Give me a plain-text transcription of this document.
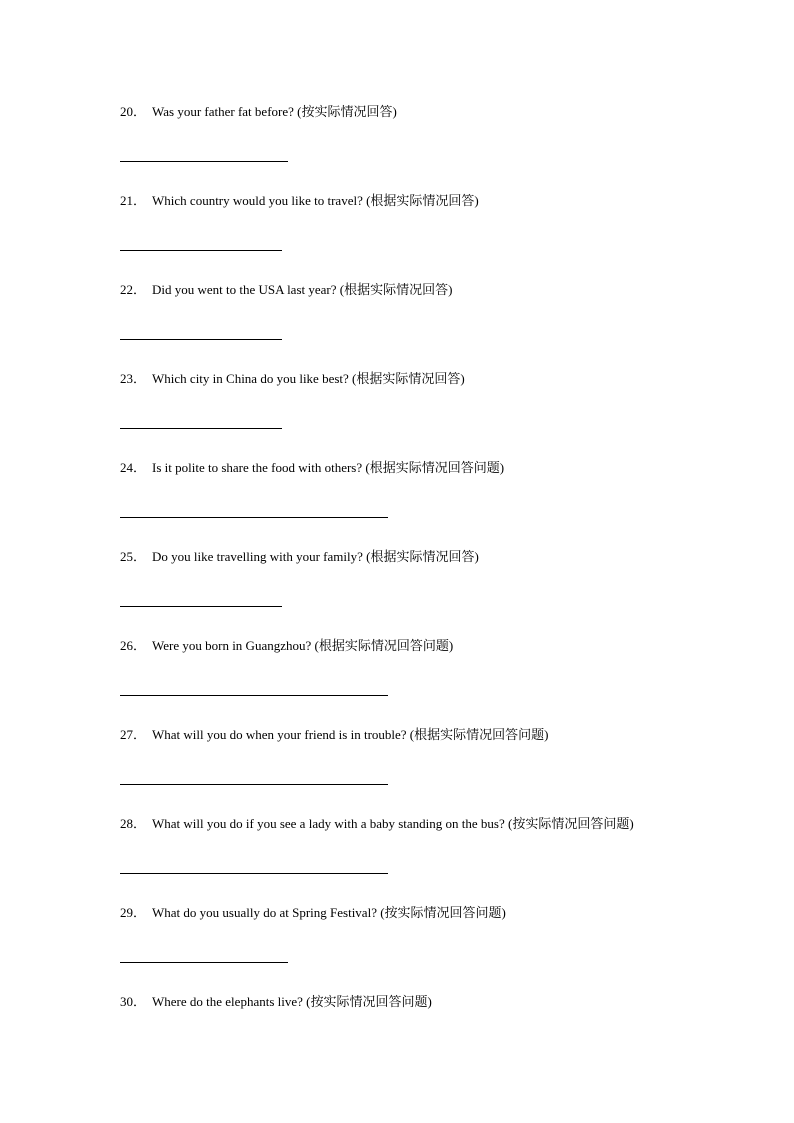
20． Was your father fat before? (按实际情况回答)
21． Which country would you like to travel? (根据实际情况回答)
22． Did you went to the USA last year? (根据实际情况回答)
23． Which city in China do you like best? (根据实际情况回答)
24． Is it polite to share the food with others? (根据实际情况回答问题)
25． Do you like travelling with your family? (根据实际情况回答)
26． Were you born in Guangzhou? (根据实际情况回答问题)
27． What will you do when your friend is in trouble? (根据实际情况回答问题)
28． What will you do if you see a lady with a baby standing on the bus? (按实际情况回答问题)
29． What do you usually do at Spring Festival? (按实际情况回答问题)
30． Where do the elephants live? (按实际情况回答问题)
